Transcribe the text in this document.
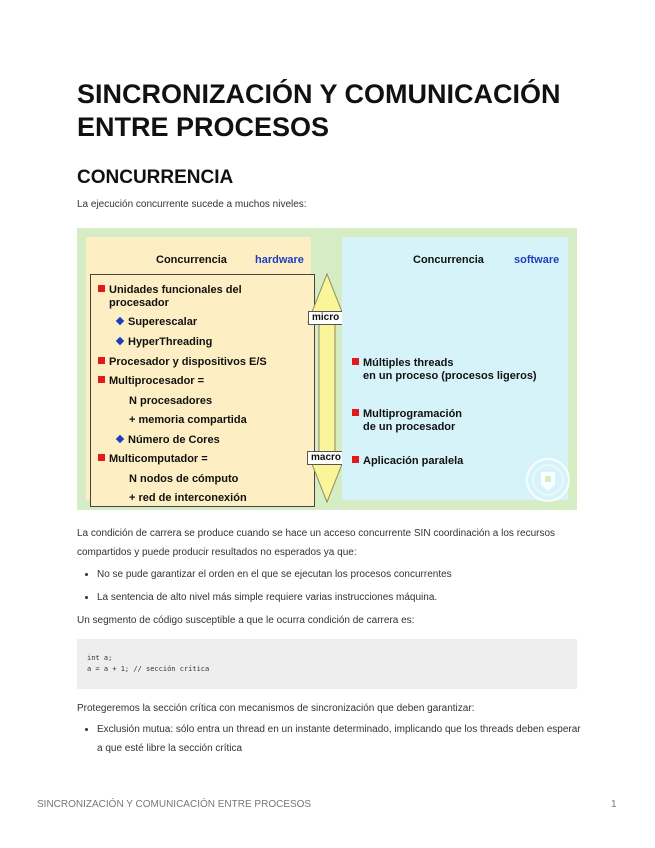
SINCRONIZACIÓN Y COMUNICACIÓN ENTRE PROCESOS
CONCURRENCIA

La ejecución concurrente sucede a muchos niveles:

Concurrencia	hardware
Unidades funcionales del
procesador
Superescalar
HyperThreading
Procesador y dispositivos E/S
Multiprocesador =
N procesadores
+ memoria compartida
Número de Cores
Multicomputador =
N nodos de cómputo
+ red de interconexión
micro
macro
Concurrencia	software
Múltiples threads
en un proceso (procesos ligeros)
Multiprogramación
de un procesador
Aplicación paralela

La condición de carrera se produce cuando se hace un acceso concurrente SIN coordinación a los recursos compartidos y puede producir resultados no esperados ya que:

• No se pude garantizar el orden en el que se ejecutan los procesos concurrentes
• La sentencia de alto nivel más simple requiere varias instrucciones máquina.

Un segmento de código susceptible a que le ocurra condición de carrera es:

int a;
a = a + 1; // sección crítica

Protegeremos la sección crítica con mecanismos de sincronización que deben garantizar:

• Exclusión mutua: sólo entra un thread en un instante determinado, implicando que los threads deben esperar a que esté libre la sección crítica
SINCRONIZACIÓN Y COMUNICACIÓN ENTRE PROCESOS	1
